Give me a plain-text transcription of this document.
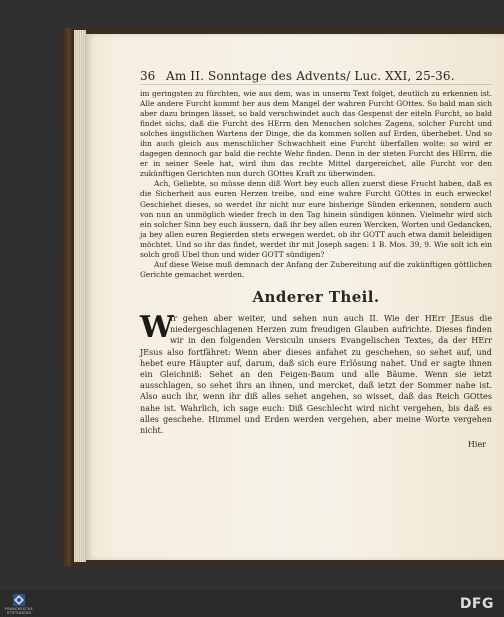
36 Am II. Sonntage des Advents/ Luc. XXI, 25-36.

im geringsten zu fürchten, wie aus dem, was in unserm Text folget, deutlich zu erkennen ist. Alle andere Furcht kommt her aus dem Mangel der wahren Furcht GOttes. So bald man sich aber dazu bringen lässet, so bald verschwindet auch das Gespenst der eiteln Furcht, so bald findet sichs, daß die Furcht des HErrn den Menschen solches Zagens, solcher Furcht und solches ängstlichen Wartens der Dinge, die da kommen sollen auf Erden, überhebet. Und so ihn auch gleich aus menschlicher Schwachheit eine Furcht überfallen wolte: so wird er dagegen dennoch gar bald die rechte Wehr finden. Denn in der steten Furcht des HErrn, die er in seiner Seele hat, wird ihm das rechte Mittel dargereichet, alle Furcht vor den zukünftigen Gerichten nun durch GOttes Kraft zu überwinden.

Ach, Geliebte, so müsse denn diß Wort bey euch allen zuerst diese Frucht haben, daß es die Sicherheit aus euren Herzen treibe, und eine wahre Furcht GOttes in euch erwecke! Geschiehet dieses, so werdet ihr nicht nur eure bisherige Sünden erkennen, sondern auch von nun an unmöglich wieder frech in den Tag hinein sündigen können. Vielmehr wird sich ein solcher Sinn bey euch äussern, daß ihr bey allen euren Wercken, Worten und Gedancken, ja bey allen euren Begierden stets erwegen werdet, ob ihr GOTT auch etwa damit beleidigen möchtet. Und so ihr das findet, werdet ihr mit Joseph sagen: 1 B. Mos. 39, 9. Wie solt ich ein solch groß Ubel thun und wider GOTT sündigen?

Auf diese Weise muß demnach der Anfang der Zubereitung auf die zukünftigen göttlichen Gerichte gemachet werden.

Anderer Theil.
W
Ir gehen aber weiter, und sehen nun auch II. Wie der HErr JEsus die niedergeschlagenen Herzen zum freudigen Glauben aufrichte. Dieses finden wir in den folgenden Versiculn unsers Evangelischen Textes, da der HErr JEsus also fortfähret: Wenn aber dieses anfahet zu geschehen, so sehet auf, und hebet eure Häupter auf, darum, daß sich eure Erlösung nahet. Und er sagte ihnen ein Gleichniß: Sehet an den Feigen-Baum und alle Bäume. Wenn sie ietzt ausschlagen, so sehet ihrs an ihnen, und mercket, daß ietzt der Sommer nahe ist. Also auch ihr, wenn ihr diß alles sehet angehen, so wisset, daß das Reich GOttes nahe ist. Wahrlich, ich sage euch: Diß Geschlecht wird nicht vergehen, bis daß es alles geschehe. Himmel und Erden werden vergehen, aber meine Worte vergehen nicht.
Hier
FRANCKESCHE STIFTUNGEN
DFG
